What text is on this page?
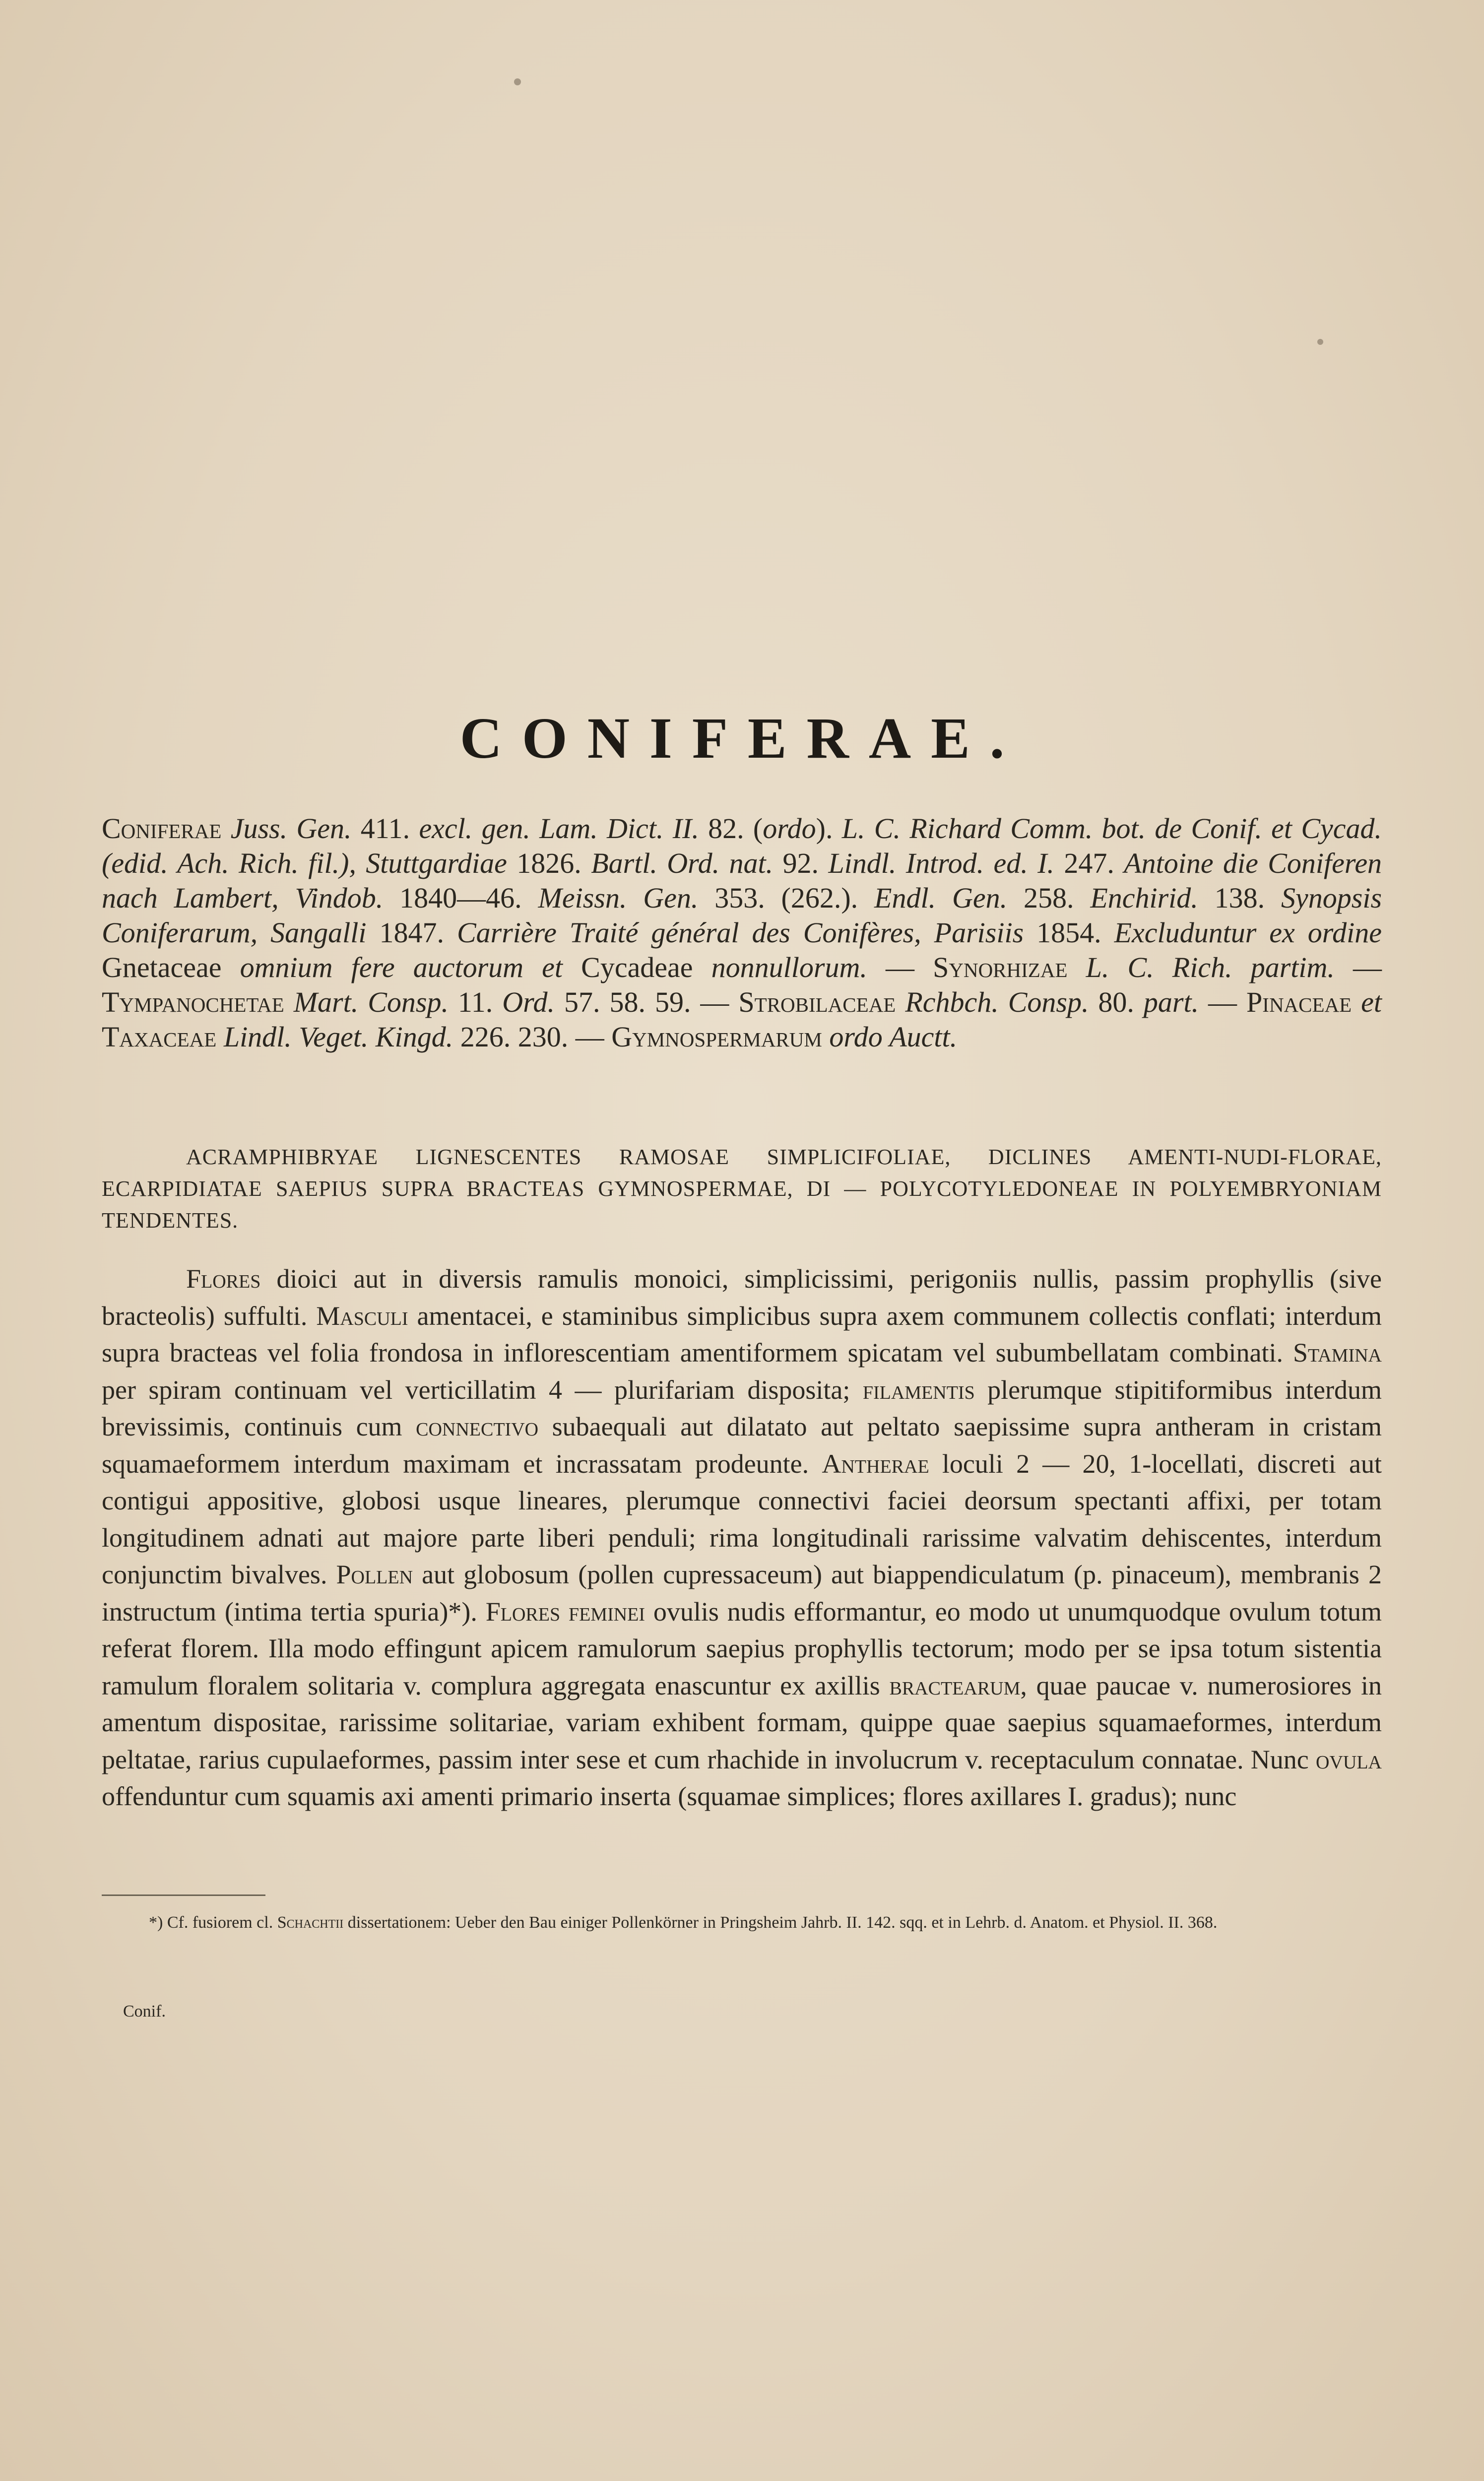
CONIFERAE.
Coniferae Juss. Gen. 411. excl. gen. Lam. Dict. II. 82. (ordo). L. C. Richard Comm. bot. de Conif. et Cycad. (edid. Ach. Rich. fil.), Stuttgardiae 1826. Bartl. Ord. nat. 92. Lindl. Introd. ed. I. 247. Antoine die Coniferen nach Lambert, Vindob. 1840—46. Meissn. Gen. 353. (262.). Endl. Gen. 258. Enchirid. 138. Synopsis Coniferarum, Sangalli 1847. Carrière Traité général des Conifères, Parisiis 1854. Excluduntur ex ordine Gnetaceae omnium fere auctorum et Cycadeae nonnullorum. — Synorhizae L. C. Rich. partim. — Tympanochetae Mart. Consp. 11. Ord. 57. 58. 59. — Strobilaceae Rchbch. Consp. 80. part. — Pinaceae et Taxaceae Lindl. Veget. Kingd. 226. 230. — Gymnospermarum ordo Auctt.
ACRAMPHIBRYAE LIGNESCENTES RAMOSAE SIMPLICIFOLIAE, DICLINES AMENTI-NUDI-FLORAE, ECARPIDIATAE SAEPIUS SUPRA BRACTEAS GYMNOSPERMAE, DI — POLYCOTYLEDONEAE IN POLYEMBRYONIAM TENDENTES.
Flores dioici aut in diversis ramulis monoici, simplicissimi, perigoniis nullis, passim prophyllis (sive bracteolis) suffulti. Masculi amentacei, e staminibus simplicibus supra axem communem collectis conflati; interdum supra bracteas vel folia frondosa in inflorescentiam amentiformem spicatam vel subumbellatam combinati. Stamina per spiram continuam vel verticillatim 4 — plurifariam disposita; filamentis plerumque stipitiformibus interdum brevissimis, continuis cum connectivo subaequali aut dilatato aut peltato saepissime supra antheram in cristam squamaeformem interdum maximam et incrassatam prodeunte. Antherae loculi 2 — 20, 1-locellati, discreti aut contigui appositive, globosi usque lineares, plerumque connectivi faciei deorsum spectanti affixi, per totam longitudinem adnati aut majore parte liberi penduli; rima longitudinali rarissime valvatim dehiscentes, interdum conjunctim bivalves. Pollen aut globosum (pollen cupressaceum) aut biappendiculatum (p. pinaceum), membranis 2 instructum (intima tertia spuria)*). Flores feminei ovulis nudis efformantur, eo modo ut unumquodque ovulum totum referat florem. Illa modo effingunt apicem ramulorum saepius prophyllis tectorum; modo per se ipsa totum sistentia ramulum floralem solitaria v. complura aggregata enascuntur ex axillis bractearum, quae paucae v. numerosiores in amentum dispositae, rarissime solitariae, variam exhibent formam, quippe quae saepius squamaeformes, interdum peltatae, rarius cupulaeformes, passim inter sese et cum rhachide in involucrum v. receptaculum connatae. Nunc ovula offenduntur cum squamis axi amenti primario inserta (squamae simplices; flores axillares I. gradus); nunc
*) Cf. fusiorem cl. Schachtii dissertationem: Ueber den Bau einiger Pollenkörner in Pringsheim Jahrb. II. 142. sqq. et in Lehrb. d. Anatom. et Physiol. II. 368.
Conif.
